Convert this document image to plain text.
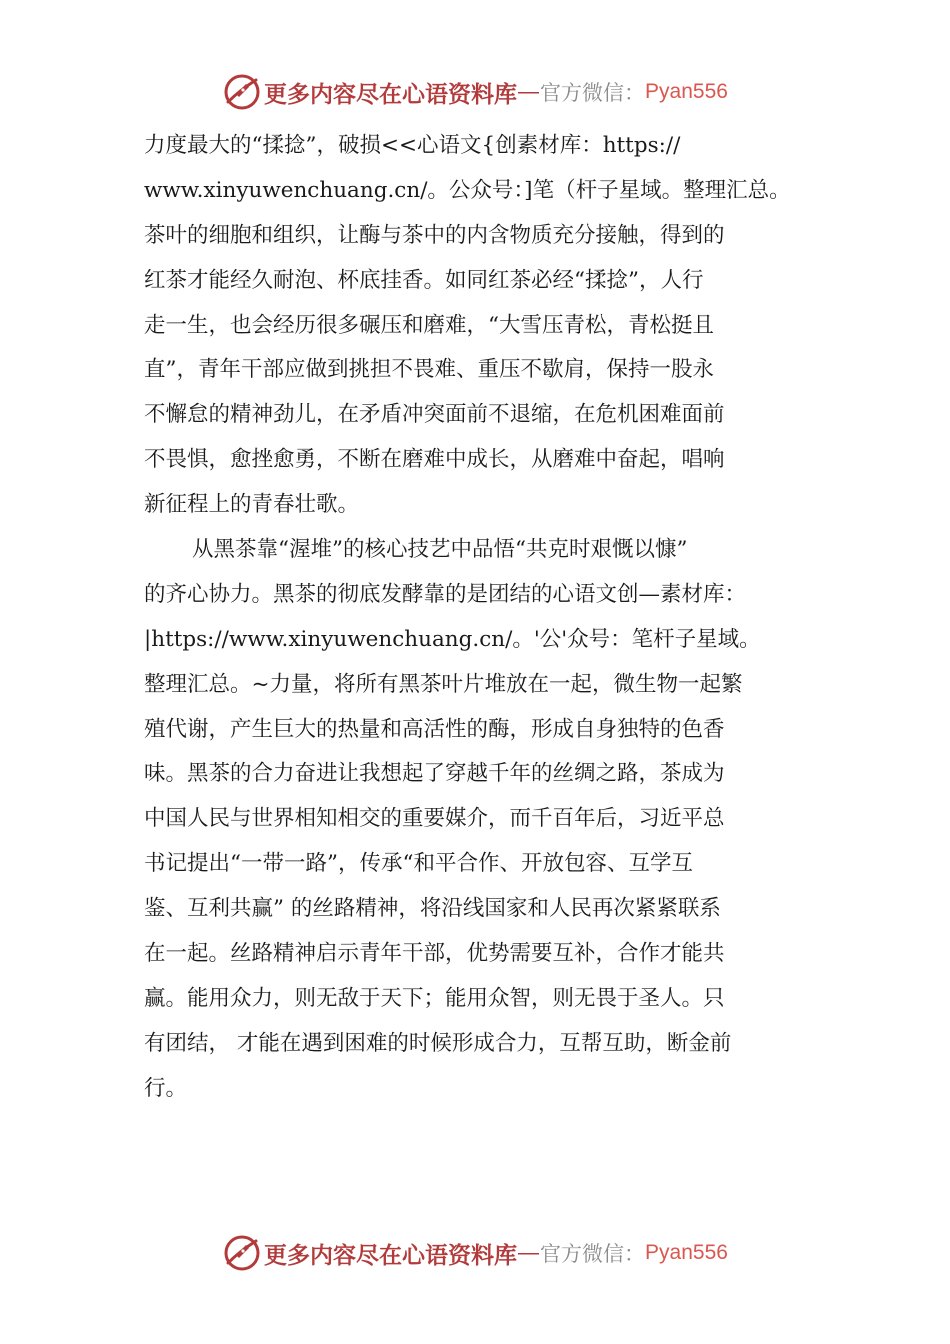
更多内容尽在心语资料库 — 官方微信： Pyan556
力度最大的“揉捻”，破损<<心语文{创素材库：https://
www.xinyuwenchuang.cn/。公众号：]笔（杆子星域。整理汇总。
茶叶的细胞和组织，让酶与茶中的内含物质充分接触，得到的
红茶才能经久耐泡、杯底挂香。如同红茶必经“揉捻”，人行
走一生，也会经历很多碾压和磨难，“大雪压青松，青松挺且
直”，青年干部应做到挑担不畏难、重压不歇肩，保持一股永
不懈怠的精神劲儿，在矛盾冲突面前不退缩，在危机困难面前
不畏惧，愈挫愈勇，不断在磨难中成长，从磨难中奋起，唱响
新征程上的青春壮歌。
从黑茶靠“渥堆”的核心技艺中品悟“共克时艰慨以慷”
的齐心协力。黑茶的彻底发酵靠的是团结的心语文创—素材库：
|https://www.xinyuwenchuang.cn/。'公'众号：笔杆子星域。
整理汇总。~力量，将所有黑茶叶片堆放在一起，微生物一起繁
殖代谢，产生巨大的热量和高活性的酶，形成自身独特的色香
味。黑茶的合力奋进让我想起了穿越千年的丝绸之路，茶成为
中国人民与世界相知相交的重要媒介，而千百年后，习近平总
书记提出“一带一路”，传承“和平合作、开放包容、互学互
鉴、互利共赢” 的丝路精神，将沿线国家和人民再次紧紧联系
在一起。丝路精神启示青年干部，优势需要互补，合作才能共
赢。能用众力，则无敌于天下；能用众智，则无畏于圣人。只
有团结， 才能在遇到困难的时候形成合力，互帮互助，断金前
行。
更多内容尽在心语资料库 — 官方微信： Pyan556
